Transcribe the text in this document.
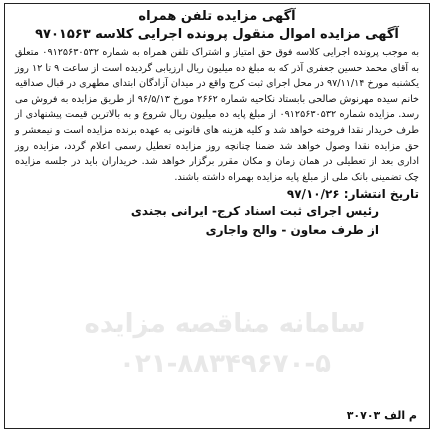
سامانه مناقصه مزایده
۰۲۱-۸۸۳۴۹۶۷۰-۵

آگهی مزایده تلفن همراه

آگهی مزایده اموال منقول پرونده اجرایی کلاسه ۹۷۰۱۵۶۳

به موجب پرونده اجرایی کلاسه فوق حق امتیاز و اشتراک تلفن همراه به شماره ۰۹۱۲۵۶۳۰۵۳۲ متعلق به آقای محمد حسین جعفری آذر که به مبلغ ده میلیون ریال ارزیابی گردیده است از ساعت ۹ تا ۱۲ روز یکشنبه مورخ ۹۷/۱۱/۱۴ در محل اجرای ثبت کرج واقع در میدان آزادگان ابتدای مطهری در قبال صداقیه خانم سیده مهرنوش صالحی بابستاد نکاحیه شماره ۲۶۶۲ مورخ ۹۶/۵/۱۳ از طریق مزایده به فروش می رسد. مزایده شماره ۰۹۱۲۵۶۳۰۵۳۲ از مبلغ پایه ده میلیون ریال شروع و به بالاترین قیمت پیشنهادی از طرف خریدار نقدا فروخته خواهد شد و کلیه هزینه های قانونی به عهده برنده مزایده است و نیمعشر و حق مزایده نقدا وصول خواهد شد ضمنا چنانچه روز مزایده تعطیل رسمی اعلام گردد، مزایده روز اداری بعد از تعطیلی در همان زمان و مکان مقرر برگزار خواهد شد. خریداران باید در جلسه مزایده چک تضمینی بانک ملی از مبلغ پایه مزایده بهمراه داشته باشند.

تاریخ انتشار: ۹۷/۱۰/۲۶
رئیس اجرای ثبت اسناد کرج- ایرانی بجندی
از طرف معاون - والح واجاری
م الف ۳۰۷۰۳
